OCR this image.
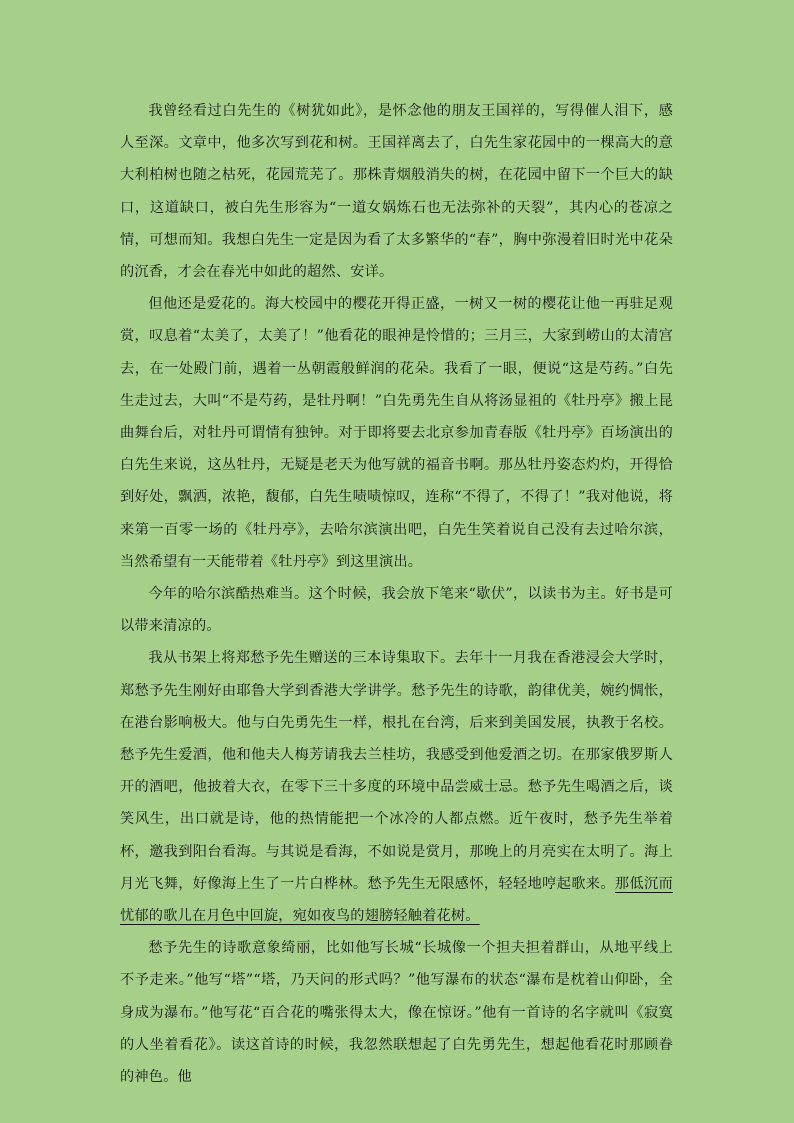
我曾经看过白先生的《树犹如此》，是怀念他的朋友王国祥的，写得催人泪下，感人至深。文章中，他多次写到花和树。王国祥离去了，白先生家花园中的一棵高大的意大利柏树也随之枯死，花园荒芜了。那株青烟般消失的树，在花园中留下一个巨大的缺口，这道缺口，被白先生形容为“一道女娲炼石也无法弥补的天裂”，其内心的苍凉之情，可想而知。我想白先生一定是因为看了太多繁华的“春”，胸中弥漫着旧时光中花朵的沉香，才会在春光中如此的超然、安详。

但他还是爱花的。海大校园中的樱花开得正盛，一树又一树的樱花让他一再驻足观赏，叹息着“太美了，太美了！”他看花的眼神是怜惜的；三月三，大家到崂山的太清宫去，在一处殿门前，遇着一丛朝霞般鲜润的花朵。我看了一眼，便说“这是芍药。”白先生走过去，大叫“不是芍药，是牡丹啊！”白先勇先生自从将汤显祖的《牡丹亭》搬上昆曲舞台后，对牡丹可谓情有独钟。对于即将要去北京参加青春版《牡丹亭》百场演出的白先生来说，这丛牡丹，无疑是老天为他写就的福音书啊。那丛牡丹姿态灼灼，开得恰到好处，飘洒，浓艳，馥郁，白先生啧啧惊叹，连称“不得了，不得了！”我对他说，将来第一百零一场的《牡丹亭》，去哈尔滨演出吧，白先生笑着说自己没有去过哈尔滨，当然希望有一天能带着《牡丹亭》到这里演出。

今年的哈尔滨酷热难当。这个时候，我会放下笔来“歇伏”，以读书为主。好书是可以带来清凉的。

我从书架上将郑愁予先生赠送的三本诗集取下。去年十一月我在香港浸会大学时，郑愁予先生刚好由耶鲁大学到香港大学讲学。愁予先生的诗歌，韵律优美，婉约惆怅，在港台影响极大。他与白先勇先生一样，根扎在台湾，后来到美国发展，执教于名校。愁予先生爱酒，他和他夫人梅芳请我去兰桂坊，我感受到他爱酒之切。在那家俄罗斯人开的酒吧，他披着大衣，在零下三十多度的环境中品尝威士忌。愁予先生喝酒之后，谈笑风生，出口就是诗，他的热情能把一个冰冷的人都点燃。近午夜时，愁予先生举着杯，邀我到阳台看海。与其说是看海，不如说是赏月，那晚上的月亮实在太明了。海上月光飞舞，好像海上生了一片白桦林。愁予先生无限感怀，轻轻地哼起歌来。那低沉而忧郁的歌儿在月色中回旋，宛如夜鸟的翅膀轻触着花树。

愁予先生的诗歌意象绮丽，比如他写长城“长城像一个担夫担着群山，从地平线上不予走来。”他写“塔”“塔，乃天问的形式吗？”他写瀑布的状态“瀑布是枕着山仰卧，全身成为瀑布。”他写花“百合花的嘴张得太大，像在惊讶。”他有一首诗的名字就叫《寂寞的人坐着看花》。读这首诗的时候，我忽然联想起了白先勇先生，想起他看花时那顾眷的神色。他
